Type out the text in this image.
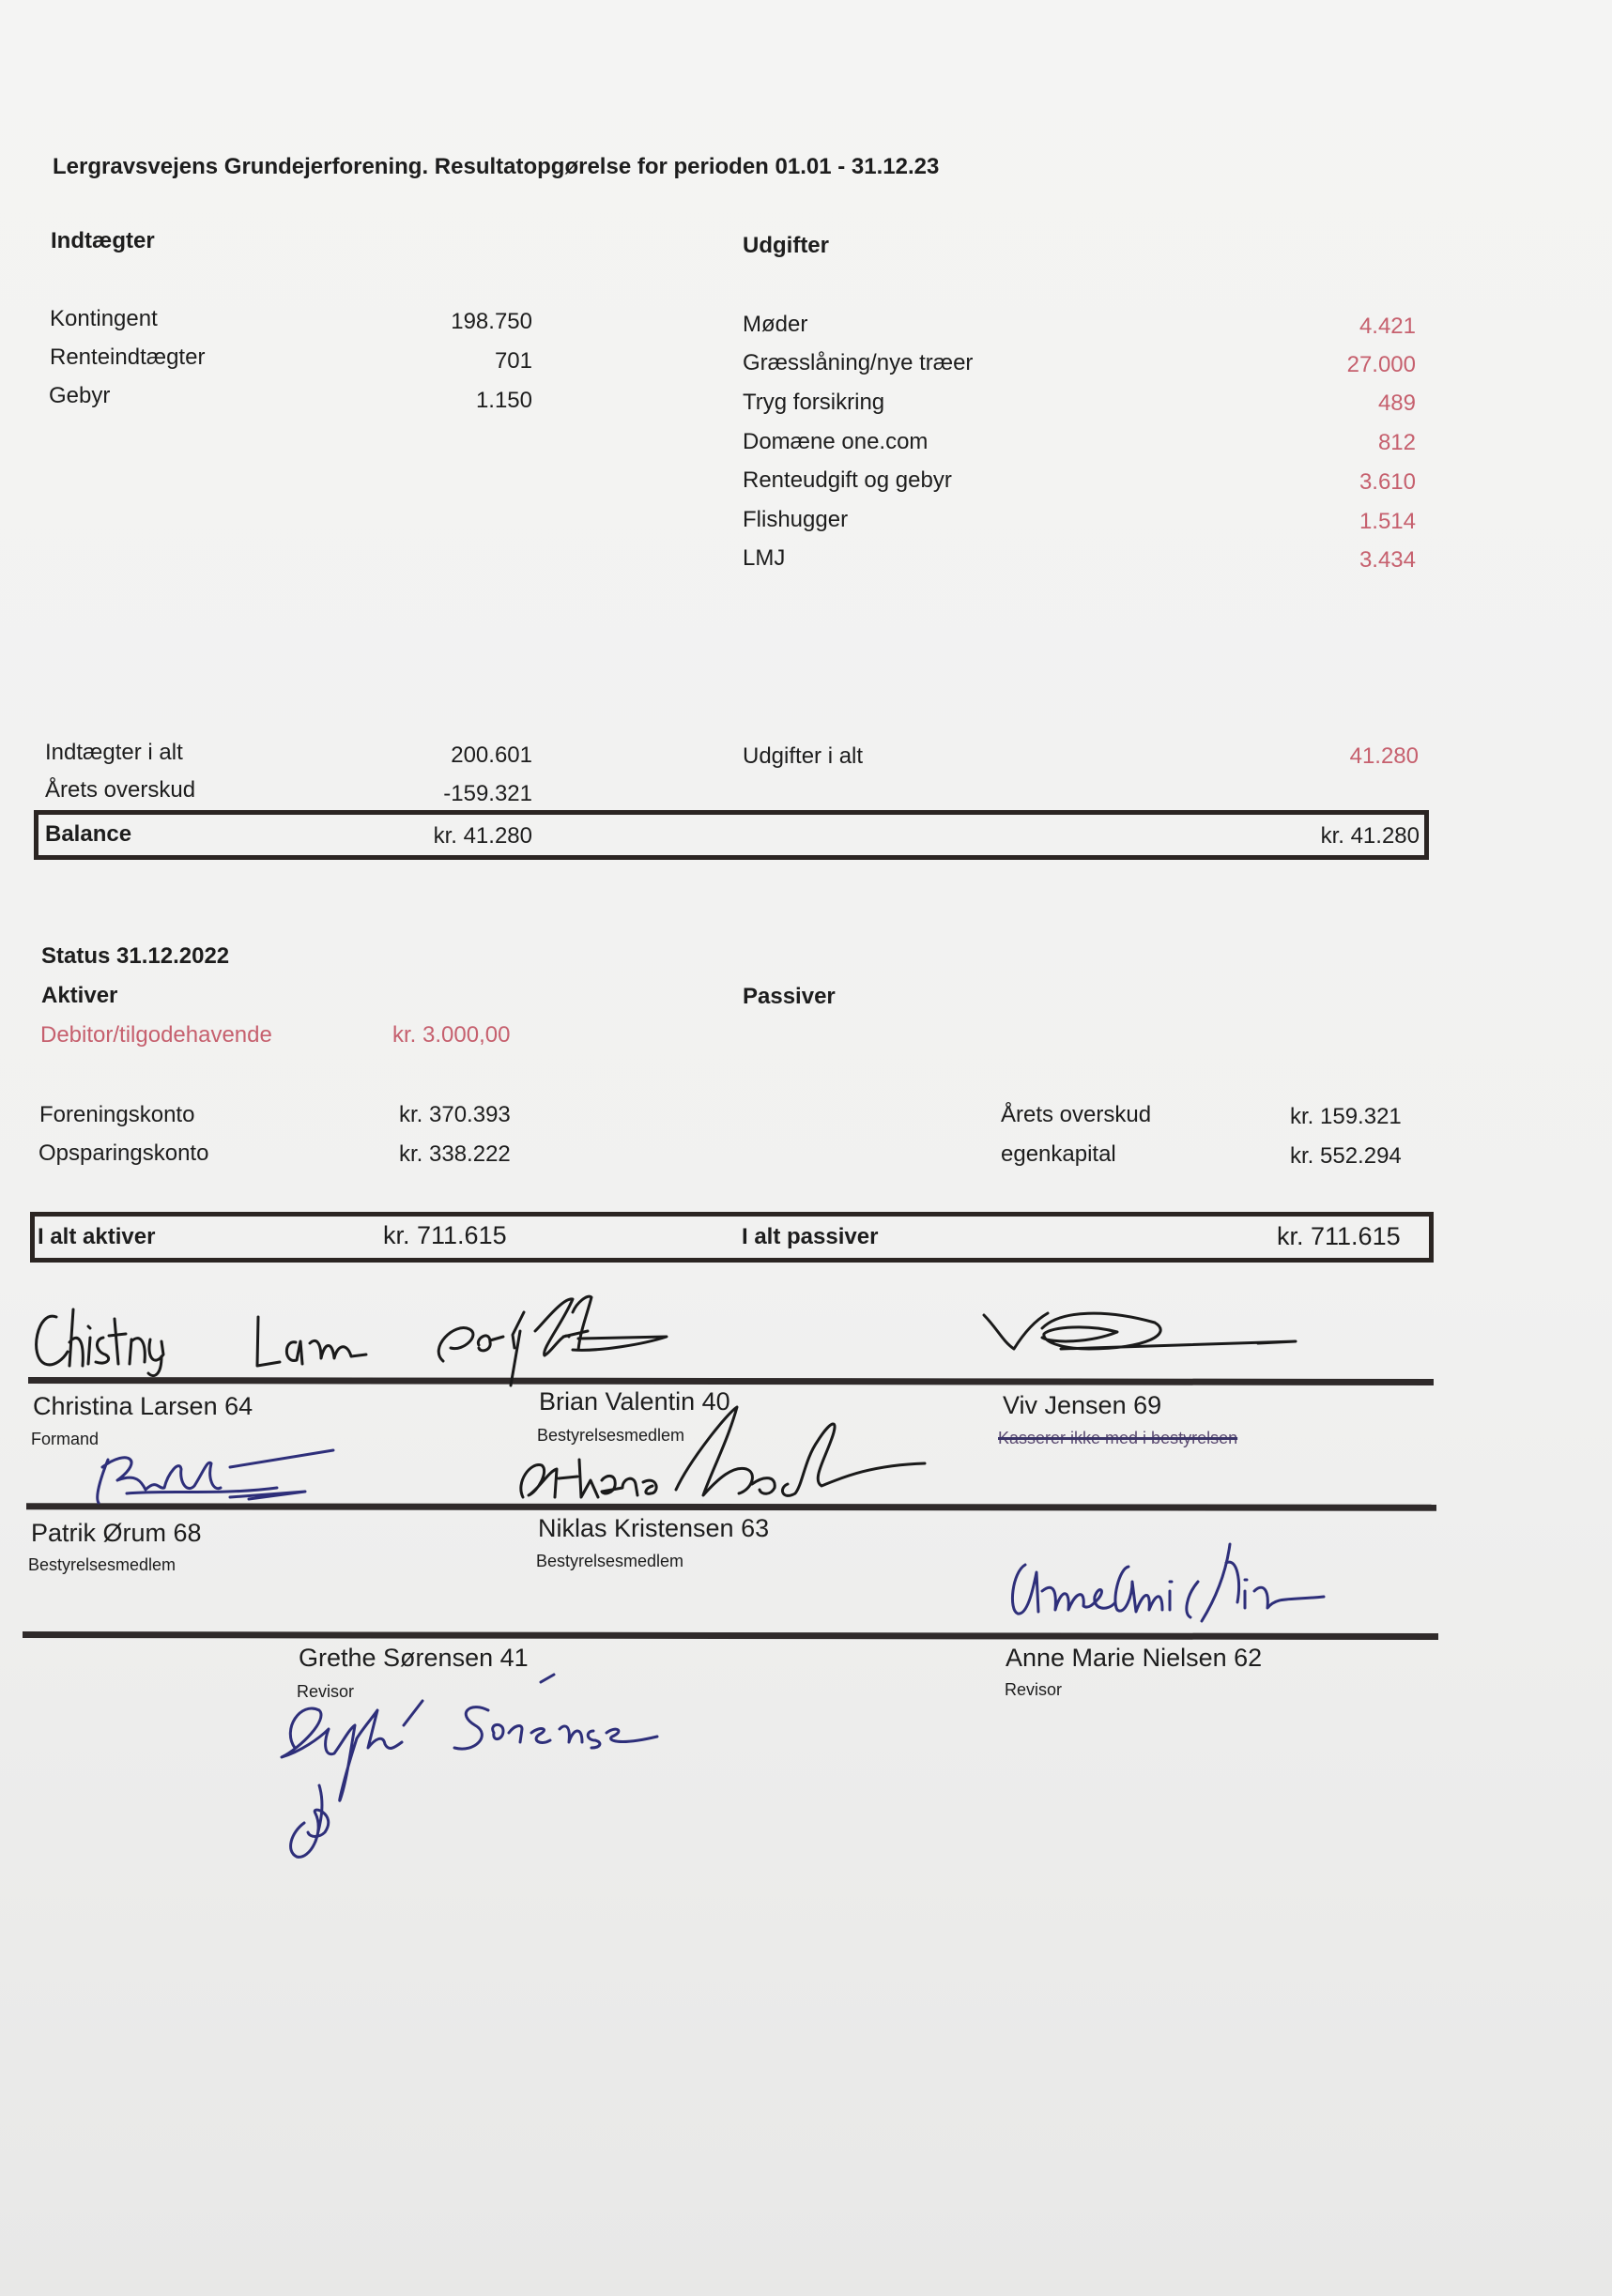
Lergravsvejens Grundejerforening. Resultatopgørelse for perioden 01.01 - 31.12.23
Indtægter
Kontingent	198.750
Renteindtægter	701
Gebyr	1.150
Udgifter
Møder	4.421
Græsslåning/nye træer	27.000
Tryg forsikring	489
Domæne one.com	812
Renteudgift og gebyr	3.610
Flishugger	1.514
LMJ	3.434
Indtægter i alt	200.601
Årets overskud	-159.321
Udgifter i alt	41.280
Balance	kr. 41.280	kr. 41.280
Status 31.12.2022
Aktiver	Passiver
Debitor/tilgodehavende	kr. 3.000,00
Foreningskonto	kr. 370.393
Opsparingskonto	kr. 338.222
Årets overskud	kr. 159.321
egenkapital	kr. 552.294
I alt aktiver	kr. 711.615	I alt passiver	kr. 711.615
Christina Larsen 64
Formand
Brian Valentin 40
Bestyrelsesmedlem
Viv Jensen 69
Kasserer ikke med i bestyrelsen
Patrik Ørum 68
Bestyrelsesmedlem
Niklas Kristensen 63
Bestyrelsesmedlem
Grethe Sørensen 41
Revisor
Anne Marie Nielsen 62
Revisor
